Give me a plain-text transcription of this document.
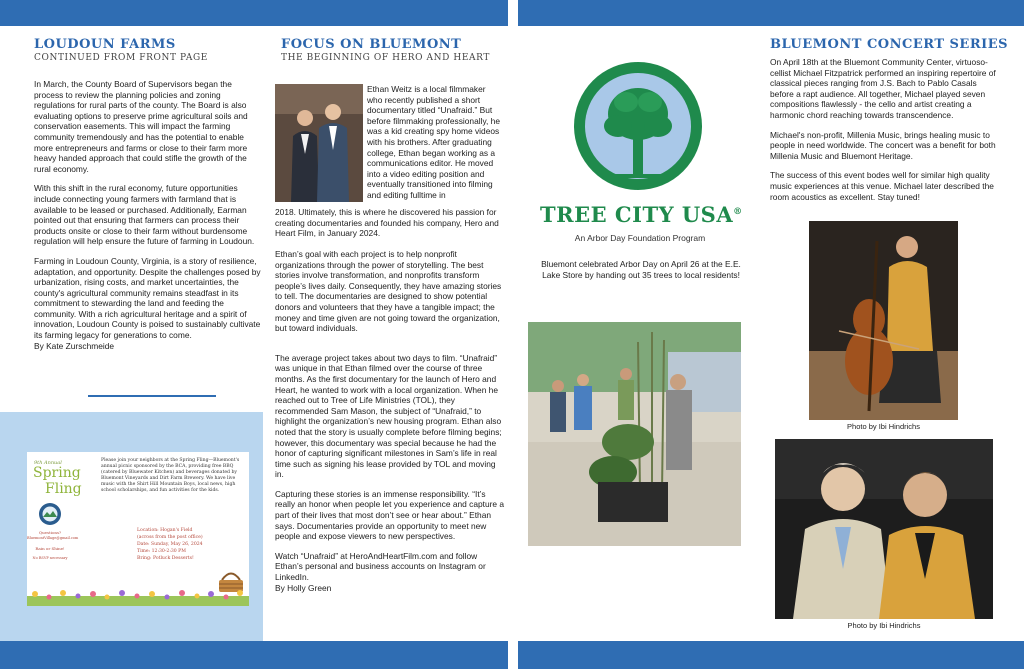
LOUDOUN FARMS
CONTINUED FROM FRONT PAGE

In March, the County Board of Supervisors began the process to review the planning policies and zoning regulations for rural parts of the county. The Board is also evaluating options to preserve prime agricultural soils and conservation easements. This will impact the farming community tremendously and has the potential to enable more entrepreneurs and farms or close to their farm more heavy handed approach that could stifle the growth of the rural economy.

With this shift in the rural economy, future opportunities include connecting young farmers with farmland that is available to be leased or purchased. Additionally, Earman pointed out that ensuring that farmers can process their products onsite or close to their farm without burdensome regulation will help ensure the future of farming in Loudoun.

Farming in Loudoun County, Virginia, is a story of resilience, adaptation, and opportunity. Despite the challenges posed by urbanization, rising costs, and market uncertainties, the county's agricultural community remains steadfast in its commitment to stewarding the land and feeding the community. With a rich agricultural heritage and a spirit of innovation, Loudoun County is poised to sustainably cultivate its farming legacy for generations to come.
By Kate Zurschmeide

9th Annual
Spring
Fling
Questions?
BluemontVillage@gmail.com
Rain or Shine!
No RSVP necessary
Please join your neighbors at the Spring Fling—Bluemont's annual picnic sponsored by the BCA, providing free BBQ (catered by Bluewater Kitchen) and beverages donated by Bluemont Vineyards and Dirt Farm Brewery. We have live music with the Shirt Hill Mountain Boys, local news, high school scholarships, and fun activities for the kids.
Location: Hogan's Field
(across from the post office)
Date: Sunday, May 26, 2024
Time: 12:30-2:30 PM
Bring: Potluck Desserts!
FOCUS ON BLUEMONT
THE BEGINNING OF HERO AND HEART
Ethan Weitz is a local filmmaker who recently published a short documentary titled “Unafraid.” But before filmmaking professionally, he was a kid creating spy home videos with his brothers. After graduating college, Ethan began working as a communications editor. He moved into a video editing position and eventually transitioned into filming and editing fulltime in
2018. Ultimately, this is where he discovered his passion for creating documentaries and founded his company, Hero and Heart Film, in January 2024.

Ethan’s goal with each project is to help nonprofit organizations through the power of storytelling. The best stories involve transformation, and nonprofits transform people’s lives daily. Consequently, they have amazing stories to tell. The documentaries are designed to show potential donors and volunteers that they have a tangible impact; the money and time given are not going toward the organization, but toward individuals.

The average project takes about two days to film. “Unafraid” was unique in that Ethan filmed over the course of three months. As the first documentary for the launch of Hero and Heart, he wanted to work with a local organization. When he reached out to Tree of Life Ministries (TOL), they recommended Sam Mason, the subject of “Unafraid,” to highlight the organization’s new housing program. Ethan also noted that the story is usually complete before filming begins; however, this documentary was special because he had the honor of capturing significant milestones in Sam’s life in real time such as signing his lease provided by TOL and moving in.

Capturing these stories is an immense responsibility. “It’s really an honor when people let you experience and capture a part of their lives that most don’t see or hear about.” Ethan says. Documentaries provide an opportunity to meet new people and expose viewers to new perspectives.

Watch “Unafraid” at HeroAndHeartFilm.com and follow Ethan’s personal and business accounts on Instagram or LinkedIn.
By Holly Green

TREE CITY USA®
An Arbor Day Foundation Program
Bluemont celebrated Arbor Day on April 26 at the E.E. Lake Store by handing out 35 trees to local residents!
BLUEMONT CONCERT SERIES

On April 18th at the Bluemont Community Center, virtuoso-cellist Michael Fitzpatrick performed an inspiring repertoire of classical pieces ranging from J.S. Bach to Pablo Casals before a rapt audience. All together, Michael played seven compositions flawlessly - the cello and artist creating a harmonic chord reaching towards transcendence.

Michael's non-profit, Millenia Music, brings healing music to people in need worldwide. The concert was a benefit for both Millenia Music and Bluemont Heritage.

The success of this event bodes well for similar high quality music experiences at this venue. Michael later described the room acoustics as excellent. Stay tuned!

Photo by Ibi Hindrichs
Photo by Ibi Hindrichs
